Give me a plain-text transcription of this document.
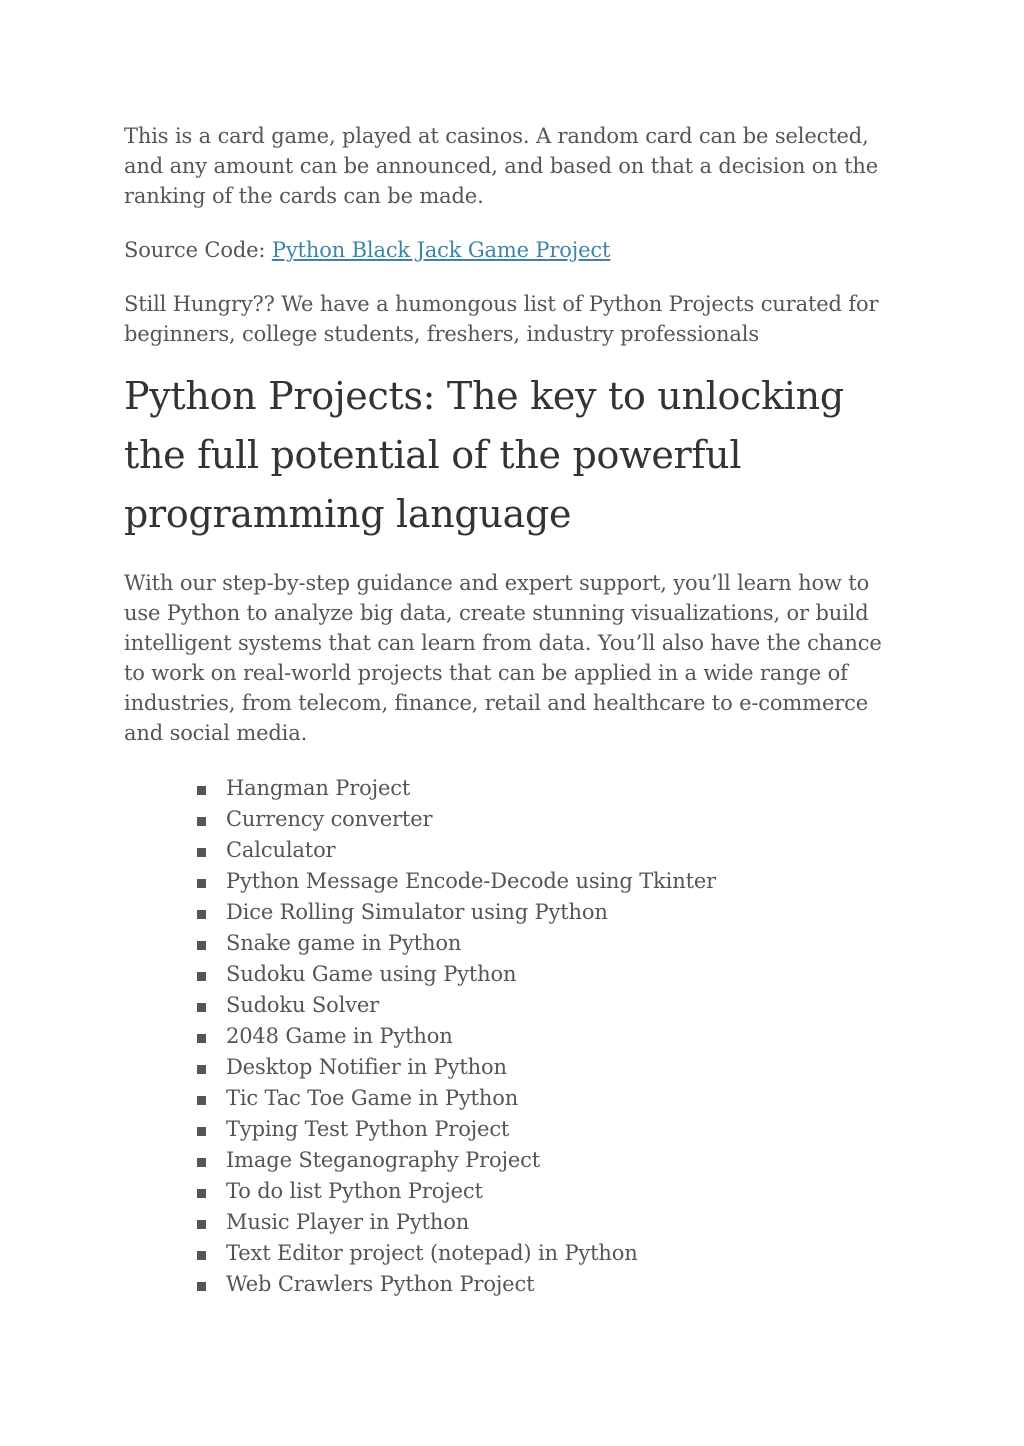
This is a card game, played at casinos. A random card can be selected, and any amount can be announced, and based on that a decision on the ranking of the cards can be made.

Source Code: Python Black Jack Game Project

Still Hungry?? We have a humongous list of Python Projects curated for beginners, college students, freshers, industry professionals

Python Projects: The key to unlocking the full potential of the powerful programming language

With our step-by-step guidance and expert support, you’ll learn how to use Python to analyze big data, create stunning visualizations, or build intelligent systems that can learn from data. You’ll also have the chance to work on real-world projects that can be applied in a wide range of industries, from telecom, finance, retail and healthcare to e-commerce and social media.

Hangman Project
Currency converter
Calculator
Python Message Encode-Decode using Tkinter
Dice Rolling Simulator using Python
Snake game in Python
Sudoku Game using Python
Sudoku Solver
2048 Game in Python
Desktop Notifier in Python
Tic Tac Toe Game in Python
Typing Test Python Project
Image Steganography Project
To do list Python Project
Music Player in Python
Text Editor project (notepad) in Python
Web Crawlers Python Project
